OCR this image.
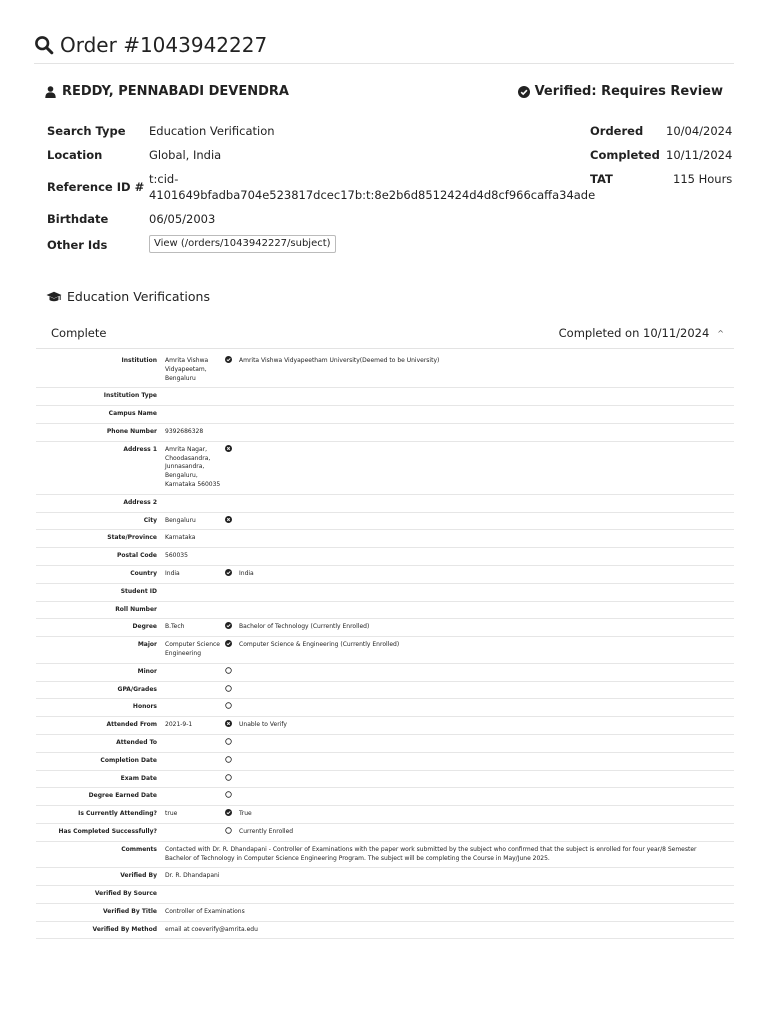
Order #1043942227
REDDY, PENNABADI DEVENDRA	Verified: Requires Review
Search Type Education Verification
Location	Global, India
Reference ID #
t:cid-
4101649bfadba704e523817dcec17b:t:8e2b6d8512424d4d8cf966caffa34ade
Birthdate	06/05/2003
Other Ids
Ordered 10/04/2024
Completed 10/11/2024
TAT	115 Hours
View (/orders/1043942227/subject)
Education Verifications
Complete	Completed on 10/11/2024 ^
Institution	Amrita Vishwa Vidyapeetam, Bengaluru		Amrita Vishwa Vidyapeetham University(Deemed to be University)
Institution Type			
Campus Name			
Phone Number	9392686328		
Address 1	Amrita Nagar, Choodasandra, Junnasandra, Bengaluru, Karnataka 560035		
Address 2			
City	Bengaluru		
State/Province	Karnataka		
Postal Code	560035		
Country	India		India
Student ID			
Roll Number			
Degree	B.Tech		Bachelor of Technology (Currently Enrolled)
Major	Computer Science Engineering		Computer Science & Engineering (Currently Enrolled)
Minor			
GPA/Grades			
Honors			
Attended From	2021-9-1		Unable to Verify
Attended To			
Completion Date			
Exam Date			
Degree Earned Date			
Is Currently Attending?	true		True
Has Completed Successfully?			Currently Enrolled
Comments	Contacted with Dr. R. Dhandapani - Controller of Examinations with the paper work submitted by the subject who confirmed that the subject is enrolled for four year/8 Semester Bachelor of Technology in Computer Science Engineering Program. The subject will be completing the Course in May/June 2025.		
Verified By	Dr. R. Dhandapani		
Verified By Source			
Verified By Title	Controller of Examinations		
Verified By Method	email at coeverify@amrita.edu		
